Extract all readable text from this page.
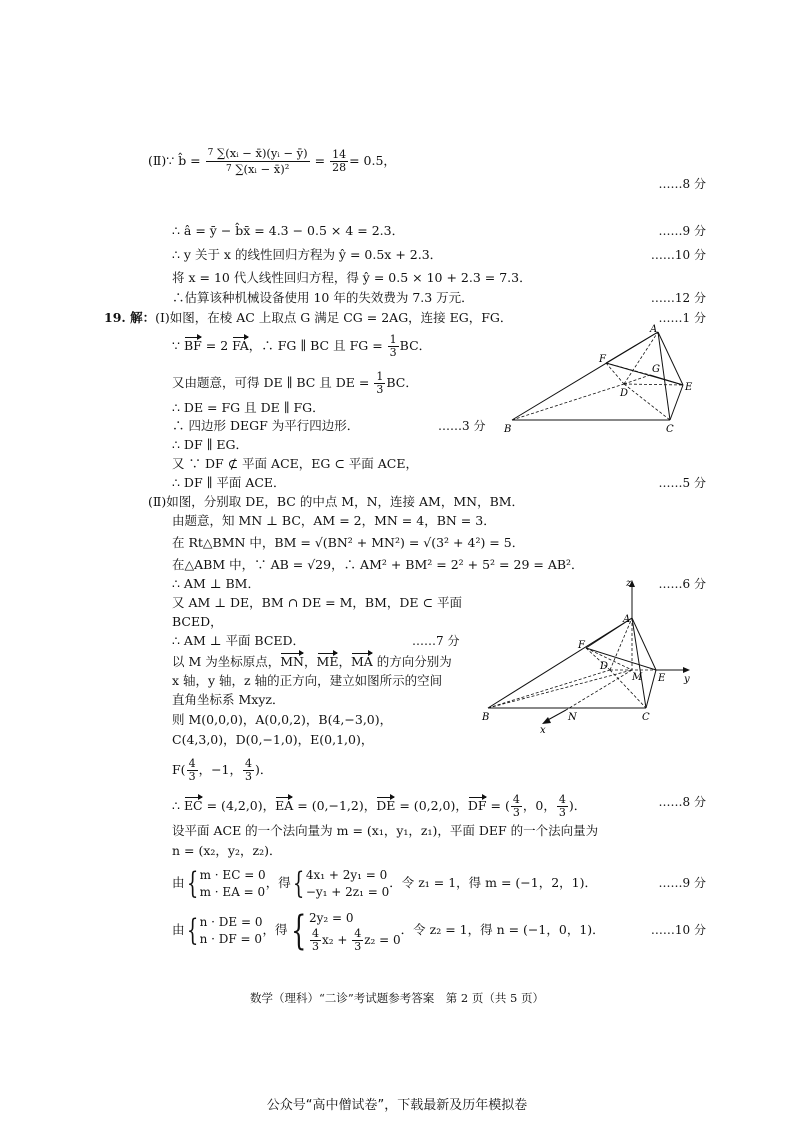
(Ⅱ)∵ b̂ = $\frac{^7 \sum(xᵢ - x̄)(yᵢ - ȳ)}{^7 \sum(xᵢ - x̄)^2} = \frac{14}{28} = 0.5$，
……8 分
∴ â = ȳ − b̂x̄ = 4.3 − 0.5 × 4 = 2.3．	……9 分
∴ y 关于 x 的线性回归方程为 ŷ = 0.5x + 2.3．	……10 分
将 x = 10 代人线性回归方程，得 ŷ = 0.5 × 10 + 2.3 = 7.3．
∴估算该种机械设备使用 10 年的失效费为 7.3 万元．	……12 分
19. 解：(Ⅰ)如图，在棱 AC 上取点 G 满足 CG = 2AG，连接 EG，FG．	……1 分
∵ BF = 2 FA，∴ FG ∥ BC 且 FG = $\frac{1}{3}$ BC．
又由题意，可得 DE ∥ BC 且 DE = $\frac{1}{3}$ BC．
∴ DE = FG 且 DE ∥ FG．
∴ 四边形 DEGF 为平行四边形．	……3 分
∴ DF ∥ EG．
又 ∵ DF ⊄ 平面 ACE，EG ⊂ 平面 ACE，
∴ DF ∥ 平面 ACE．	……5 分
A
F
G
D
E
B	C
(Ⅱ)如图，分别取 DE，BC 的中点 M，N，连接 AM，MN，BM．
由题意，知 MN ⊥ BC，AM = 2，MN = 4，BN = 3．
在 Rt△BMN 中，BM = √(BN² + MN²) = √(3² + 4²) = 5．
在△ABM 中，∵ AB = √29，∴ AM² + BM² = 2² + 5² = 29 = AB²．
∴ AM ⊥ BM．	……6 分
又 AM ⊥ DE，BM ∩ DE = M，BM，DE ⊂ 平面
BCED，
∴ AM ⊥ 平面 BCED．	……7 分
以 M 为坐标原点，MN，ME，MA 的方向分别为
x 轴，y 轴，z 轴的正方向，建立如图所示的空间
直角坐标系 Mxyz．
则 M(0,0,0)，A(0,0,2)，B(4,−3,0)，
C(4,3,0)，D(0,−1,0)，E(0,1,0)，
$F( \frac{4}{3}$ ，−1， $\frac{4}{3}$ )．
∴ EC = (4,2,0)，EA = (0,−1,2)，DE = (0,2,0)，DF = ( $\frac{4}{3}$ ，0， $\frac{4}{3}$ )．	……8 分
设平面 ACE 的一个法向量为 m = (x₁，y₁，z₁)，平面 DEF 的一个法向量为
n = (x₂，y₂，z₂)．
由{ m · EC = 0
m · EA = 0
，得{ 4x₁ + 2y₁ = 0
−y₁ + 2z₁ = 0
．令 z₁ = 1，得 m = (−1，2，1)．	……9 分
由{ n · DE = 0
n · DF = 0
，得{ 2y₂ = 0
$\frac{4}{3} x_2 + \frac{4}{3} z_2 = 0$
．令 z₂ = 1，得 n = (−1，0，1)．	……10 分
z
A
F
D
M E y
B	N	C
x
数学（理科）“二诊”考试题参考答案　第 2 页（共 5 页）
公众号“高中僧试卷”，下载最新及历年模拟卷
